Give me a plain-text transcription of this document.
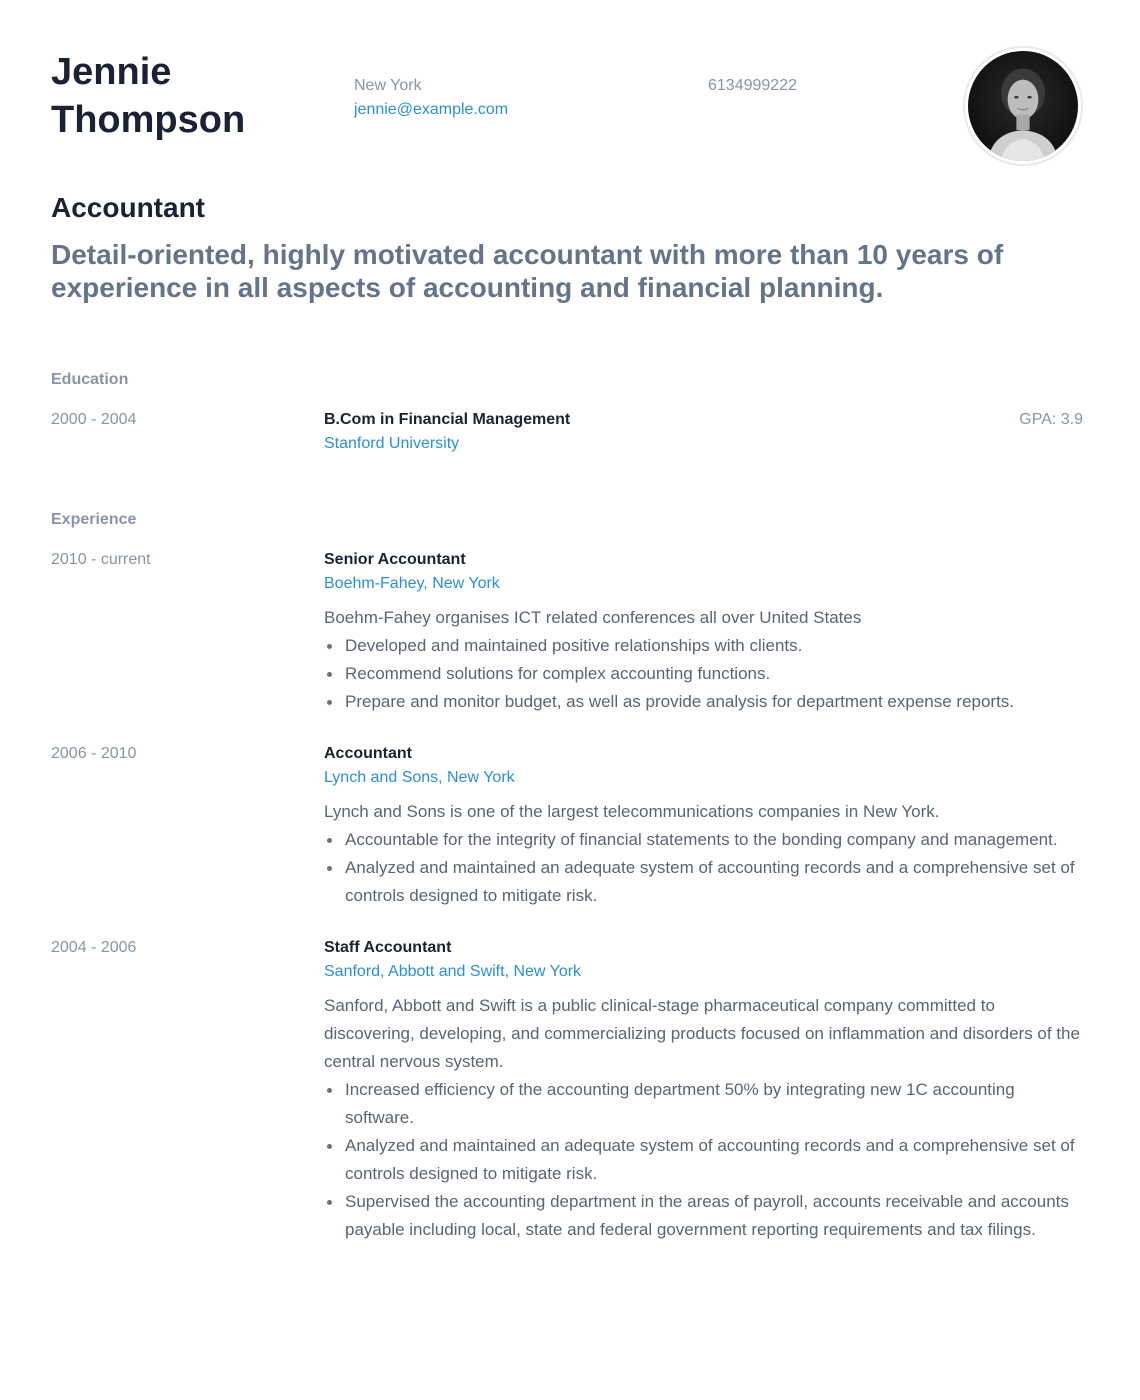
Jennie
Thompson
New York
jennie@example.com
6134999222
Accountant
Detail-oriented, highly motivated accountant with more than 10 years of experience in all aspects of accounting and financial planning.
Education
2000 - 2004	B.Com in Financial Management	GPA: 3.9
Stanford University
Experience
2010 - current	Senior Accountant
Boehm-Fahey, New York
Boehm-Fahey organises ICT related conferences all over United States
Developed and maintained positive relationships with clients.
Recommend solutions for complex accounting functions.
Prepare and monitor budget, as well as provide analysis for department expense reports.
2006 - 2010	Accountant
Lynch and Sons, New York
Lynch and Sons is one of the largest telecommunications companies in New York.
Accountable for the integrity of financial statements to the bonding company and management.
Analyzed and maintained an adequate system of accounting records and a comprehensive set of controls designed to mitigate risk.
2004 - 2006	Staff Accountant
Sanford, Abbott and Swift, New York
Sanford, Abbott and Swift is a public clinical-stage pharmaceutical company committed to discovering, developing, and commercializing products focused on inflammation and disorders of the central nervous system.
Increased efficiency of the accounting department 50% by integrating new 1C accounting software.
Analyzed and maintained an adequate system of accounting records and a comprehensive set of controls designed to mitigate risk.
Supervised the accounting department in the areas of payroll, accounts receivable and accounts payable including local, state and federal government reporting requirements and tax filings.
